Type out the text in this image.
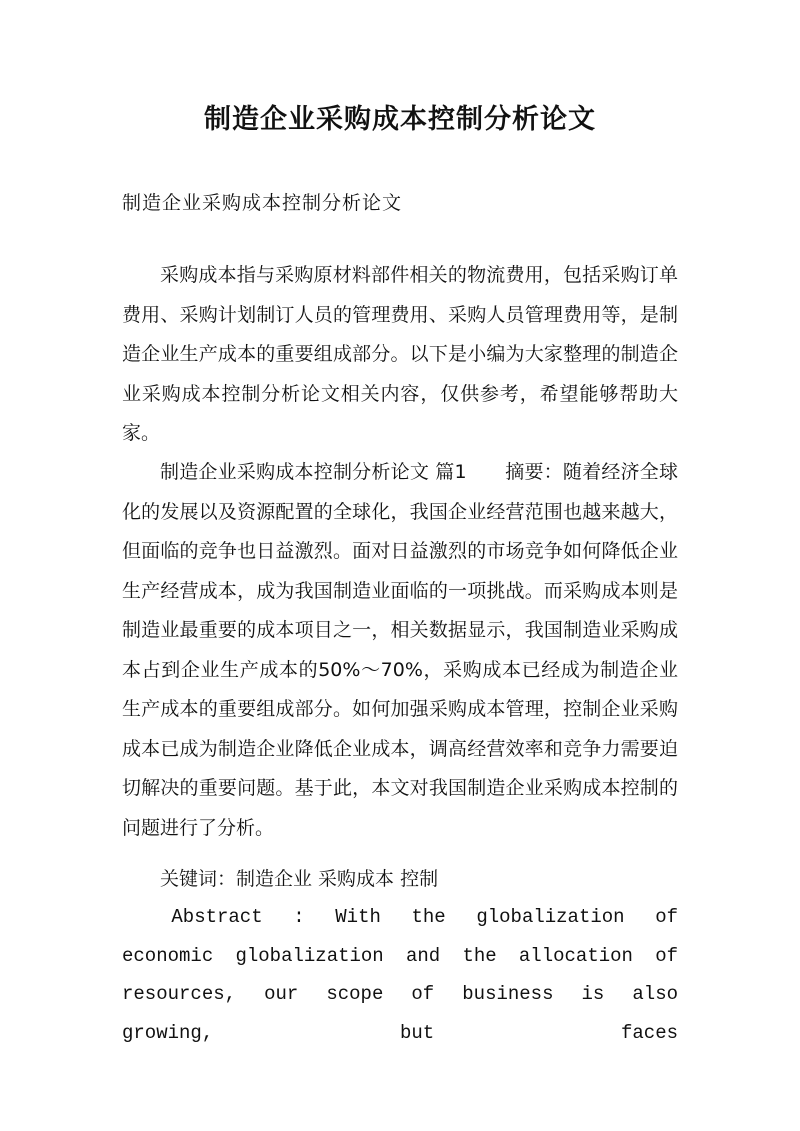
制造企业采购成本控制分析论文
制造企业采购成本控制分析论文
采购成本指与采购原材料部件相关的物流费用，包括采购订单费用、采购计划制订人员的管理费用、采购人员管理费用等，是制造企业生产成本的重要组成部分。以下是小编为大家整理的制造企业采购成本控制分析论文相关内容，仅供参考，希望能够帮助大家。
制造企业采购成本控制分析论文 篇1　　摘要：随着经济全球化的发展以及资源配置的全球化，我国企业经营范围也越来越大，但面临的竞争也日益激烈。面对日益激烈的市场竞争如何降低企业生产经营成本，成为我国制造业面临的一项挑战。而采购成本则是制造业最重要的成本项目之一，相关数据显示，我国制造业采购成本占到企业生产成本的50%～70%，采购成本已经成为制造企业生产成本的重要组成部分。如何加强采购成本管理，控制企业采购成本已成为制造企业降低企业成本，调高经营效率和竞争力需要迫切解决的重要问题。基于此，本文对我国制造企业采购成本控制的问题进行了分析。
关键词：制造企业 采购成本 控制
Abstract : With the globalization of economic globalization and the allocation of resources, our scope of business is also growing, but faces
